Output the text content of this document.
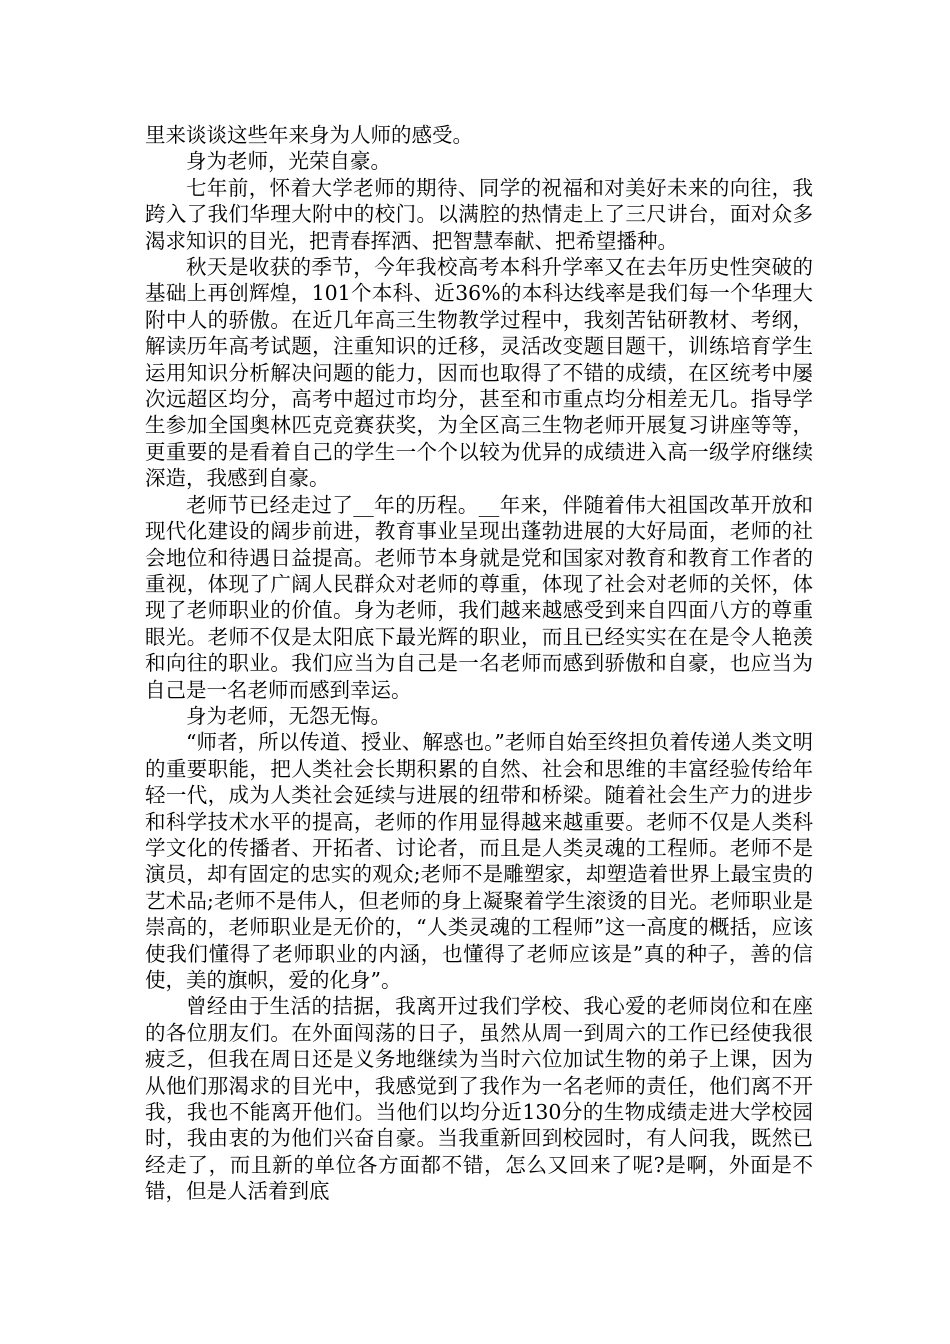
里来谈谈这些年来身为人师的感受。

身为老师，光荣自豪。

七年前，怀着大学老师的期待、同学的祝福和对美好未来的向往，我跨入了我们华理大附中的校门。以满腔的热情走上了三尺讲台，面对众多渴求知识的目光，把青春挥洒、把智慧奉献、把希望播种。

秋天是收获的季节，今年我校高考本科升学率又在去年历史性突破的基础上再创辉煌，101个本科、近36%的本科达线率是我们每一个华理大附中人的骄傲。在近几年高三生物教学过程中，我刻苦钻研教材、考纲，解读历年高考试题，注重知识的迁移，灵活改变题目题干，训练培育学生运用知识分析解决问题的能力，因而也取得了不错的成绩，在区统考中屡次远超区均分，高考中超过市均分，甚至和市重点均分相差无几。指导学生参加全国奥林匹克竞赛获奖，为全区高三生物老师开展复习讲座等等，更重要的是看着自己的学生一个个以较为优异的成绩进入高一级学府继续深造，我感到自豪。

老师节已经走过了__年的历程。__年来，伴随着伟大祖国改革开放和现代化建设的阔步前进，教育事业呈现出蓬勃进展的大好局面，老师的社会地位和待遇日益提高。老师节本身就是党和国家对教育和教育工作者的重视，体现了广阔人民群众对老师的尊重，体现了社会对老师的关怀，体现了老师职业的价值。身为老师，我们越来越感受到来自四面八方的尊重眼光。老师不仅是太阳底下最光辉的职业，而且已经实实在在是令人艳羡和向往的职业。我们应当为自己是一名老师而感到骄傲和自豪，也应当为自己是一名老师而感到幸运。

身为老师，无怨无悔。

“师者，所以传道、授业、解惑也。”老师自始至终担负着传递人类文明的重要职能，把人类社会长期积累的自然、社会和思维的丰富经验传给年轻一代，成为人类社会延续与进展的纽带和桥梁。随着社会生产力的进步和科学技术水平的提高，老师的作用显得越来越重要。老师不仅是人类科学文化的传播者、开拓者、讨论者，而且是人类灵魂的工程师。老师不是演员，却有固定的忠实的观众;老师不是雕塑家，却塑造着世界上最宝贵的艺术品;老师不是伟人，但老师的身上凝聚着学生滚烫的目光。老师职业是崇高的，老师职业是无价的，“人类灵魂的工程师”这一高度的概括，应该使我们懂得了老师职业的内涵，也懂得了老师应该是”真的种子，善的信使，美的旗帜，爱的化身”。

曾经由于生活的拮据，我离开过我们学校、我心爱的老师岗位和在座的各位朋友们。在外面闯荡的日子，虽然从周一到周六的工作已经使我很疲乏，但我在周日还是义务地继续为当时六位加试生物的弟子上课，因为从他们那渴求的目光中，我感觉到了我作为一名老师的责任，他们离不开我，我也不能离开他们。当他们以均分近130分的生物成绩走进大学校园时，我由衷的为他们兴奋自豪。当我重新回到校园时，有人问我，既然已经走了，而且新的单位各方面都不错，怎么又回来了呢?是啊，外面是不错，但是人活着到底
